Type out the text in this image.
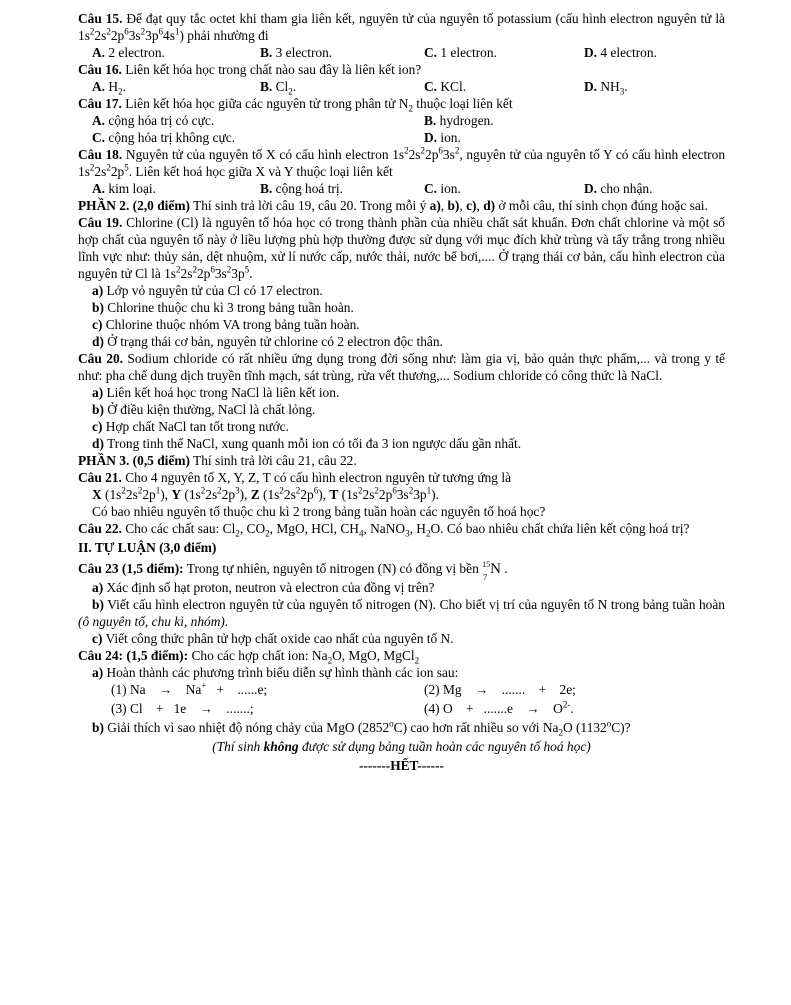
Câu 15. Để đạt quy tắc octet khi tham gia liên kết, nguyên tử của nguyên tố potassium (cấu hình electron nguyên tử là $1s^22s^22p^63s^23p^64s^1$) phải nhường đi

A. 2 electron.	B. 3 electron.	C. 1 electron.	D. 4 electron.

Câu 16. Liên kết hóa học trong chất nào sau đây là liên kết ion?

A. $H_2$.	B. $Cl_2$.	C. KCl.	D. $NH_3$.

Câu 17. Liên kết hóa học giữa các nguyên tử trong phân tử $N_2$ thuộc loại liên kết

A. cộng hóa trị có cực.	B. hydrogen.
C. cộng hóa trị không cực.	D. ion.

Câu 18. Nguyên tử của nguyên tố X có cấu hình electron $1s^22s^22p^63s^2$, nguyên tử của nguyên tố Y có cấu hình electron $1s^22s^22p^5$. Liên kết hoá học giữa X và Y thuộc loại liên kết

A. kim loại.	B. cộng hoá trị.	C. ion.	D. cho nhận.

PHẦN 2. (2,0 điểm) Thí sinh trả lời câu 19, câu 20. Trong mỗi ý a), b), c), d) ở mỗi câu, thí sinh chọn đúng hoặc sai.

Câu 19. Chlorine (Cl) là nguyên tố hóa học có trong thành phần của nhiều chất sát khuẩn. Đơn chất chlorine và một số hợp chất của nguyên tố này ở liều lượng phù hợp thường được sử dụng với mục đích khử trùng và tẩy trắng trong nhiều lĩnh vực như: thủy sản, dệt nhuộm, xử lí nước cấp, nước thải, nước bể bơi,.... Ở trạng thái cơ bản, cấu hình electron của nguyên tử Cl là $1s^22s^22p^63s^23p^5$.

a) Lớp vỏ nguyên tử của Cl có 17 electron.

b) Chlorine thuộc chu kì 3 trong bảng tuần hoàn.

c) Chlorine thuộc nhóm VA trong bảng tuần hoàn.

d) Ở trạng thái cơ bản, nguyên tử chlorine có 2 electron độc thân.

Câu 20. Sodium chloride có rất nhiều ứng dụng trong đời sống như: làm gia vị, bảo quản thực phẩm,... và trong y tế như: pha chế dung dịch truyền tĩnh mạch, sát trùng, rửa vết thương,... Sodium chloride có công thức là NaCl.

a) Liên kết hoá học trong NaCl là liên kết ion.

b) Ở điều kiện thường, NaCl là chất lỏng.

c) Hợp chất NaCl tan tốt trong nước.

d) Trong tinh thể NaCl, xung quanh mỗi ion có tối đa 3 ion ngược dấu gần nhất.

PHẦN 3. (0,5 điểm) Thí sinh trả lời câu 21, câu 22.

Câu 21. Cho 4 nguyên tố X, Y, Z, T có cấu hình electron nguyên tử tương ứng là

X $(1s^22s^22p^1)$, Y $(1s^22s^22p^3)$, Z $(1s^22s^22p^6)$, T $(1s^22s^22p^63s^23p^1)$.

Có bao nhiêu nguyên tố thuộc chu kì 2 trong bảng tuần hoàn các nguyên tố hoá học?

Câu 22. Cho các chất sau: $Cl_2$, $CO_2$, MgO, HCl, $CH_4$, NaNO$_3$, $H_2O$. Có bao nhiêu chất chứa liên kết cộng hoá trị?

II. TỰ LUẬN (3,0 điểm)

Câu 23 (1,5 điểm): Trong tự nhiên, nguyên tố nitrogen (N) có đồng vị bền 15
7
N .

a) Xác định số hạt proton, neutron và electron của đồng vị trên?

b) Viết cấu hình electron nguyên tử của nguyên tố nitrogen (N). Cho biết vị trí của nguyên tố N trong bảng tuần hoàn (ô nguyên tố, chu kì, nhóm).

c) Viết công thức phân tử hợp chất oxide cao nhất của nguyên tố N.

Câu 24: (1,5 điểm): Cho các hợp chất ion: $Na_2O$, MgO, MgCl$_2$

a) Hoàn thành các phương trình biểu diễn sự hình thành các ion sau:

(1) Na    →    Na+   +    ......e;	(2) Mg    →    .......    +    2e;
(3) Cl    +   1e    →    .......;	(4) O    +   .......e    →    $O^{2-}$.

b) Giải thích vì sao nhiệt độ nóng chảy của MgO (2852$^o$C) cao hơn rất nhiều so với $Na_2O$ (1132$^o$C)?

(Thí sinh không được sử dụng bảng tuần hoàn các nguyên tố hoá học)

-------HẾT------
